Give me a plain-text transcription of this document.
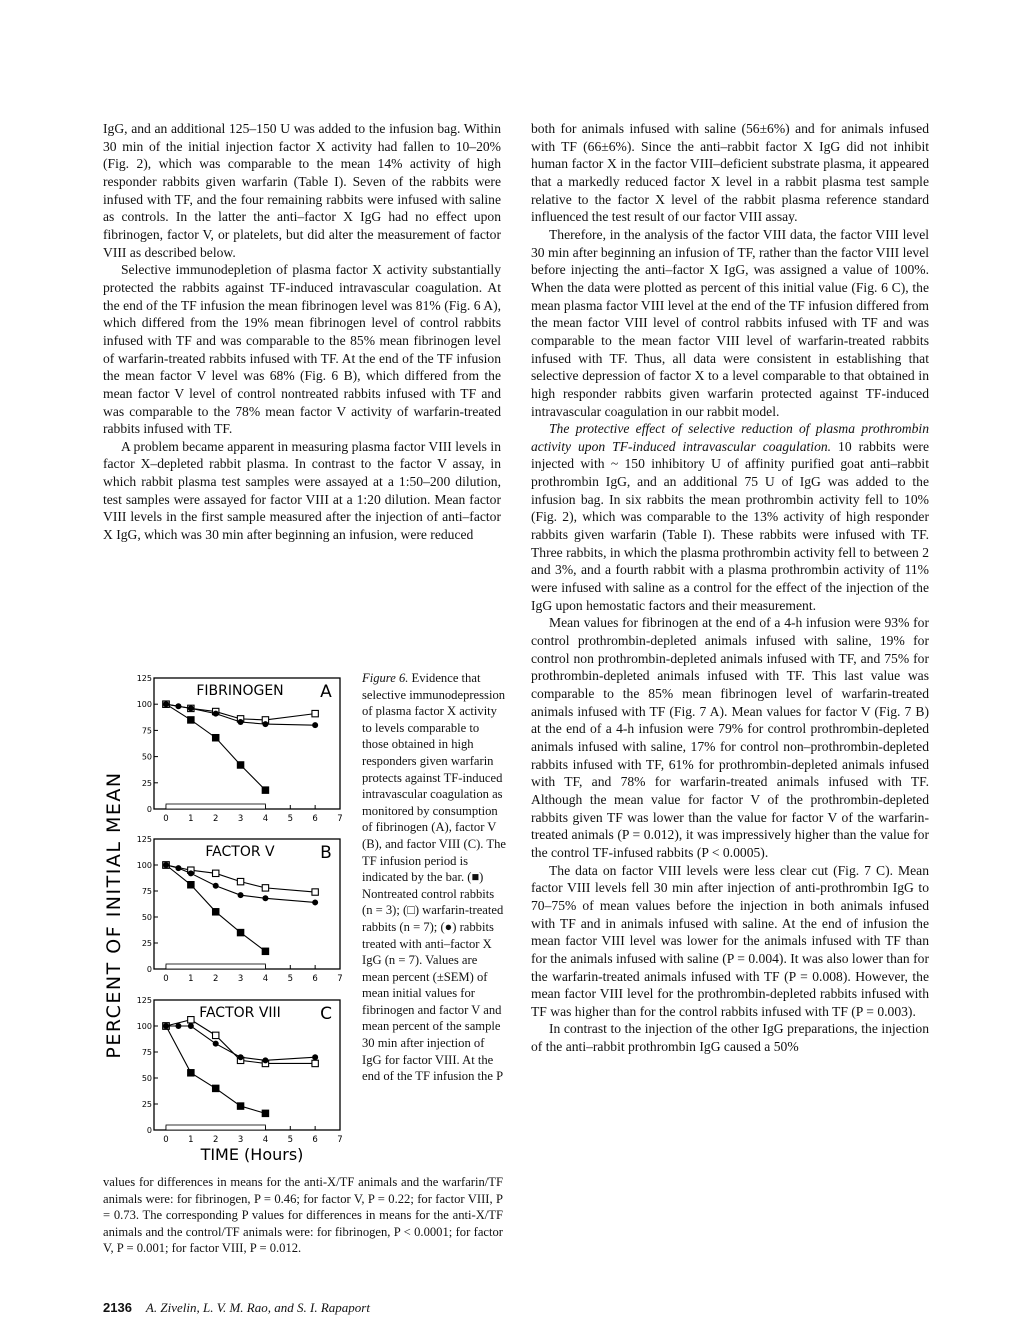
IgG, and an additional 125–150 U was added to the infusion bag. Within 30 min of the initial injection factor X activity had fallen to 10–20% (Fig. 2), which was comparable to the mean 14% activity of high responder rabbits given warfarin (Table I). Seven of the rabbits were infused with TF, and the four remaining rabbits were infused with saline as controls. In the latter the anti–factor X IgG had no effect upon fibrinogen, factor V, or platelets, but did alter the measurement of factor VIII as described below.

Selective immunodepletion of plasma factor X activity substantially protected the rabbits against TF-induced intravascular coagulation. At the end of the TF infusion the mean fibrinogen level was 81% (Fig. 6 A), which differed from the 19% mean fibrinogen level of control rabbits infused with TF and was comparable to the 85% mean fibrinogen level of warfarin-treated rabbits infused with TF. At the end of the TF infusion the mean factor V level was 68% (Fig. 6 B), which differed from the mean factor V level of control nontreated rabbits infused with TF and was comparable to the 78% mean factor V activity of warfarin-treated rabbits infused with TF.

A problem became apparent in measuring plasma factor VIII levels in factor X–depleted rabbit plasma. In contrast to the factor V assay, in which rabbit plasma test samples were assayed at a 1:50–200 dilution, test samples were assayed for factor VIII at a 1:20 dilution. Mean factor VIII levels in the first sample measured after the injection of anti–factor X IgG, which was 30 min after beginning an infusion, were reduced

both for animals infused with saline (56±6%) and for animals infused with TF (66±6%). Since the anti–rabbit factor X IgG did not inhibit human factor X in the factor VIII–deficient substrate plasma, it appeared that a markedly reduced factor X level in a rabbit plasma test sample relative to the factor X level of the rabbit plasma reference standard influenced the test result of our factor VIII assay.

Therefore, in the analysis of the factor VIII data, the factor VIII level 30 min after beginning an infusion of TF, rather than the factor VIII level before injecting the anti–factor X IgG, was assigned a value of 100%. When the data were plotted as percent of this initial value (Fig. 6 C), the mean plasma factor VIII level at the end of the TF infusion differed from the mean factor VIII level of control rabbits infused with TF and was comparable to the mean factor VIII level of warfarin-treated rabbits infused with TF. Thus, all data were consistent in establishing that selective depression of factor X to a level comparable to that obtained in high responder rabbits given warfarin protected against TF-induced intravascular coagulation in our rabbit model.

The protective effect of selective reduction of plasma prothrombin activity upon TF-induced intravascular coagulation. 10 rabbits were injected with ~ 150 inhibitory U of affinity purified goat anti–rabbit prothrombin IgG, and an additional 75 U of IgG was added to the infusion bag. In six rabbits the mean prothrombin activity fell to 10% (Fig. 2), which was comparable to the 13% activity of high responder rabbits given warfarin (Table I). These rabbits were infused with TF. Three rabbits, in which the plasma prothrombin activity fell to between 2 and 3%, and a fourth rabbit with a plasma prothrombin activity of 11% were infused with saline as a control for the effect of the injection of the IgG upon hemostatic factors and their measurement.

Mean values for fibrinogen at the end of a 4-h infusion were 93% for control prothrombin-depleted animals infused with saline, 19% for control non prothrombin-depleted animals infused with TF, and 75% for prothrombin-depleted animals infused with TF. This last value was comparable to the 85% mean fibrinogen level of warfarin-treated animals infused with TF (Fig. 7 A). Mean values for factor V (Fig. 7 B) at the end of a 4-h infusion were 79% for control prothrombin-depleted animals infused with saline, 17% for control non–prothrombin-depleted rabbits infused with TF, 61% for prothrombin-depleted animals infused with TF, and 78% for warfarin-treated animals infused with TF. Although the mean value for factor V of the prothrombin-depleted rabbits given TF was lower than the value for factor V of the warfarin-treated animals (P = 0.012), it was impressively higher than the value for the control TF-infused rabbits (P < 0.0005).

The data on factor VIII levels were less clear cut (Fig. 7 C). Mean factor VIII levels fell 30 min after injection of anti-prothrombin IgG to 70–75% of mean values before the injection in both animals infused with TF and in animals infused with saline. At the end of infusion the mean factor VIII level was lower for the animals infused with TF than for the animals infused with saline (P = 0.004). It was also lower than for the warfarin-treated animals infused with TF (P = 0.008). However, the mean factor VIII level for the prothrombin-depleted rabbits infused with TF was higher than for the control rabbits infused with TF (P = 0.003).

In contrast to the injection of the other IgG preparations, the injection of the anti–rabbit prothrombin IgG caused a 50%

PERCENT OF INITIAL MEAN
FIBRINOGEN A
0
25
50
75
100
125
0 1 2 3 4 5 6 7
FACTOR V	B
0
25
50
75
100
125
0 1 2 3 4 5 6 7
FACTOR VIII C
0
25
50
75
100
125
0 1 2 3 4 5 6 7
TIME (Hours)
Figure 6. Evidence that selective immunodepression of plasma factor X activity to levels comparable to those obtained in high responders given warfarin protects against TF-induced intravascular coagulation as monitored by consumption of fibrinogen (A), factor V (B), and factor VIII (C). The TF infusion period is indicated by the bar. (■) Nontreated control rabbits (n = 3); (□) warfarin-treated rabbits (n = 7); (●) rabbits treated with anti–factor X IgG (n = 7). Values are mean percent (±SEM) of mean initial values for fibrinogen and factor V and mean percent of the sample 30 min after injection of IgG for factor VIII. At the end of the TF infusion the P
values for differences in means for the anti-X/TF animals and the warfarin/TF animals were: for fibrinogen, P = 0.46; for factor V, P = 0.22; for factor VIII, P = 0.73. The corresponding P values for differences in means for the anti-X/TF animals and the control/TF animals were: for fibrinogen, P < 0.0001; for factor V, P = 0.001; for factor VIII, P = 0.012.
2136 A. Zivelin, L. V. M. Rao, and S. I. Rapaport
